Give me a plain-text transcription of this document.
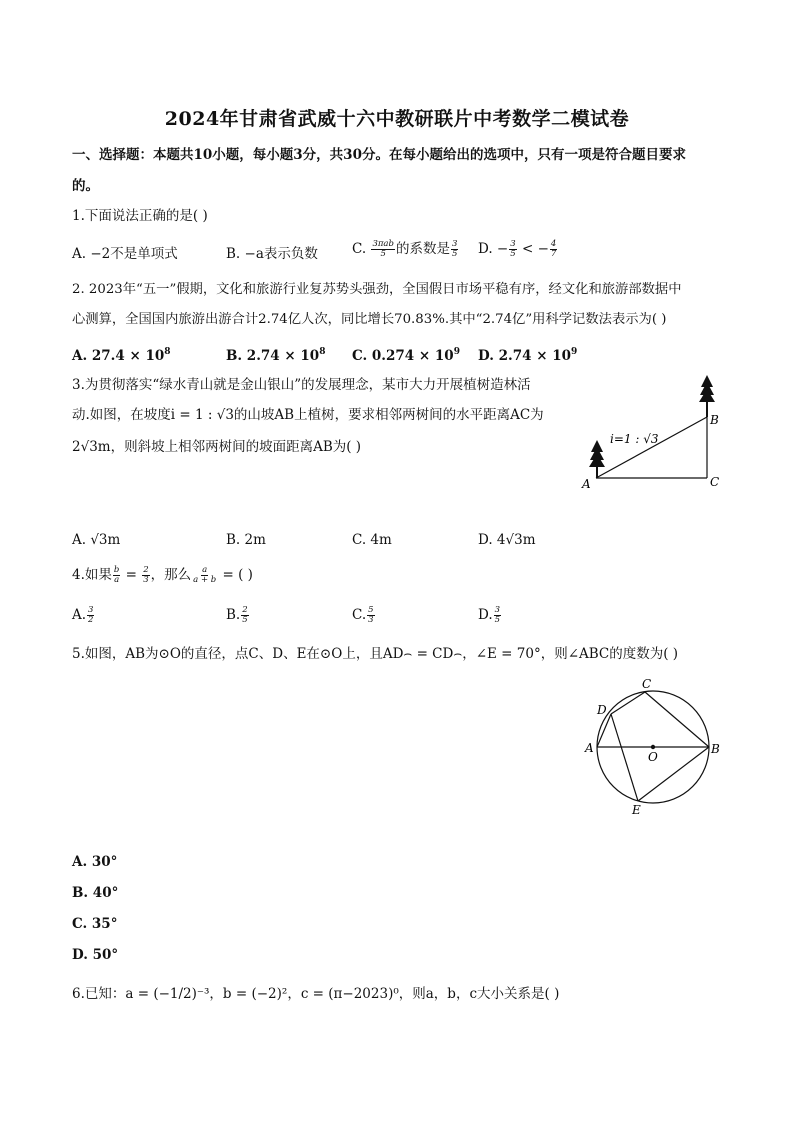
2024年甘肃省武威十六中教研联片中考数学二模试卷
一、选择题：本题共10小题，每小题3分，共30分。在每小题给出的选项中，只有一项是符合题目要求
的。
1.下面说法正确的是( )
A. −2不是单项式	B. −a表示负数	C. $\frac{\text{3πab}}{5}$ 的系数是 $\frac{3}{5} D$. − $\frac{3}{5}$ < − $\frac{4}{7}$
2. 2023年“五一”假期，文化和旅游行业复苏势头强劲，全国假日市场平稳有序，经文化和旅游部数据中
心测算，全国国内旅游出游合计2.74亿人次，同比增长70.83%.其中“2.74亿”用科学记数法表示为( )
A. $27.4 \times 10^8$	B. $2.74 \times 10^8$ C. $0.274 \times 10^9$ D. $2.74 \times 10^9$
3.为贯彻落实“绿水青山就是金山银山”的发展理念，某市大力开展植树造林活
动.如图，在坡度i = 1 : √3的山坡AB上植树，要求相邻两树间的水平距离AC为
2√3m，则斜坡上相邻两树间的坡面距离AB为( )
A
B
C
i=1 : √3
A. √3m	B. 2m	C. 4m	D. 4√3m
4.如果 $\frac{b}{a} = \frac{2}{3}$ ，那么 $\frac{a}{a + b}$ = ( )
A. $\frac{3}{2}$	B. $\frac{2}{5}$	C. $\frac{5}{3}$	D. $\frac{3}{5}$
5.如图，AB为⊙O的直径，点C、D、E在⊙O上，且AD⌢ = CD⌢，∠E = 70°，则∠ABC的度数为( )
A	B
C
D
E
O
A. 30°
B. 40°
C. 35°
D. 50°
6.已知：a = (−1/2)⁻³，b = (−2)²，c = (π−2023)⁰，则a，b，c大小关系是( )
